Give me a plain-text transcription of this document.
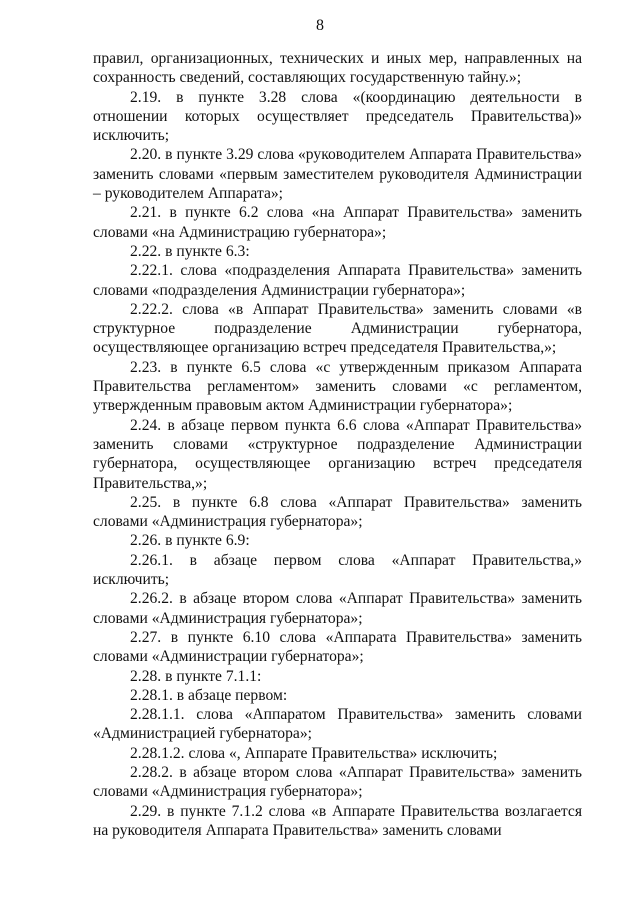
8

правил, организационных, технических и иных мер, направленных на сохранность сведений, составляющих государственную тайну.»;

2.19. в пункте 3.28 слова «(координацию деятельности в отношении которых осуществляет председатель Правительства)» исключить;

2.20. в пункте 3.29 слова «руководителем Аппарата Правительства» заменить словами «первым заместителем руководителя Администрации – руководителем Аппарата»;

2.21. в пункте 6.2 слова «на Аппарат Правительства» заменить словами «на Администрацию губернатора»;

2.22. в пункте 6.3:

2.22.1. слова «подразделения Аппарата Правительства» заменить словами «подразделения Администрации губернатора»;

2.22.2. слова «в Аппарат Правительства» заменить словами «в структурное подразделение Администрации губернатора, осуществляющее организацию встреч председателя Правительства,»;

2.23. в пункте 6.5 слова «с утвержденным приказом Аппарата Правительства регламентом» заменить словами «с регламентом, утвержденным правовым актом Администрации губернатора»;

2.24. в абзаце первом пункта 6.6 слова «Аппарат Правительства» заменить словами «структурное подразделение Администрации губернатора, осуществляющее организацию встреч председателя Правительства,»;

2.25. в пункте 6.8 слова «Аппарат Правительства» заменить словами «Администрация губернатора»;

2.26. в пункте 6.9:

2.26.1. в абзаце первом слова «Аппарат Правительства,» исключить;

2.26.2. в абзаце втором слова «Аппарат Правительства» заменить словами «Администрация губернатора»;

2.27. в пункте 6.10 слова «Аппарата Правительства» заменить словами «Администрации губернатора»;

2.28. в пункте 7.1.1:

2.28.1. в абзаце первом:

2.28.1.1. слова «Аппаратом Правительства» заменить словами «Администрацией губернатора»;

2.28.1.2. слова «, Аппарате Правительства» исключить;

2.28.2. в абзаце втором слова «Аппарат Правительства» заменить словами «Администрация губернатора»;

2.29. в пункте 7.1.2 слова «в Аппарате Правительства возлагается на руководителя Аппарата Правительства» заменить словами
